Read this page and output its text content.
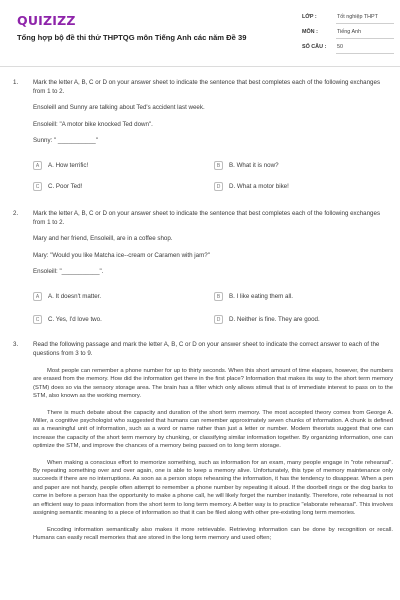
QUIZIZZ
Tổng hợp bộ đề thi thử THPTQG môn Tiếng Anh các năm Đề 39
LỚP :	Tốt nghiệp THPT
MÔN :	Tiếng Anh
SỐ CÂU : 50
1. Mark the letter A, B, C or D on your answer sheet to indicate the sentence that best completes each of the following exchanges from 1 to 2.

Ensoleill and Sunny are talking about Ted's accident last week.

Ensoleill: "A motor bike knocked Ted down".

Sunny: " ___________"

A	A. How terrific!	B	B. What it is now?
C	C. Poor Ted!	D	D. What a motor bike!
2. Mark the letter A, B, C or D on your answer sheet to indicate the sentence that best completes each of the following exchanges from 1 to 2.

Mary and her friend, Ensoleill, are in a coffee shop.

Mary: "Would you like Matcha ice--cream or Caramen with jam?"

Ensoleill: "___________".

A	A. It doesn't matter.	B	B. I like eating them all.
C	C. Yes, I'd love two.	D	D. Neither is fine. They are good.
3. Read the following passage and mark the letter A, B, C or D on your answer sheet to indicate the correct answer to each of the questions from 3 to 9.

Most people can remember a phone number for up to thirty seconds. When this short amount of time elapses, however, the numbers are erased from the memory. How did the information get there in the first place? Information that makes its way to the short term memory (STM) does so via the sensory storage area. The brain has a filter which only allows stimuli that is of immediate interest to pass on to the STM, also known as the working memory.

There is much debate about the capacity and duration of the short term memory. The most accepted theory comes from George A. Miller, a cognitive psychologist who suggested that humans can remember approximately seven chunks of information. A chunk is defined as a meaningful unit of information, such as a word or name rather than just a letter or number. Modern theorists suggest that one can increase the capacity of the short term memory by chunking, or classifying similar information together. By organizing information, one can optimize the STM, and improve the chances of a memory being passed on to long term storage.

When making a conscious effort to memorize something, such as information for an exam, many people engage in "rote rehearsal". By repeating something over and over again, one is able to keep a memory alive. Unfortunately, this type of memory maintenance only succeeds if there are no interruptions. As soon as a person stops rehearsing the information, it has the tendency to disappear. When a pen and paper are not handy, people often attempt to remember a phone number by repeating it aloud. If the doorbell rings or the dog barks to come in before a person has the opportunity to make a phone call, he will likely forget the number instantly. Therefore, rote rehearsal is not an efficient way to pass information from the short term to long term memory. A better way is to practice "elaborate rehearsal". This involves assigning semantic meaning to a piece of information so that it can be filed along with other pre-existing long term memories.

Encoding information semantically also makes it more retrievable. Retrieving information can be done by recognition or recall. Humans can easily recall memories that are stored in the long term memory and used often;
